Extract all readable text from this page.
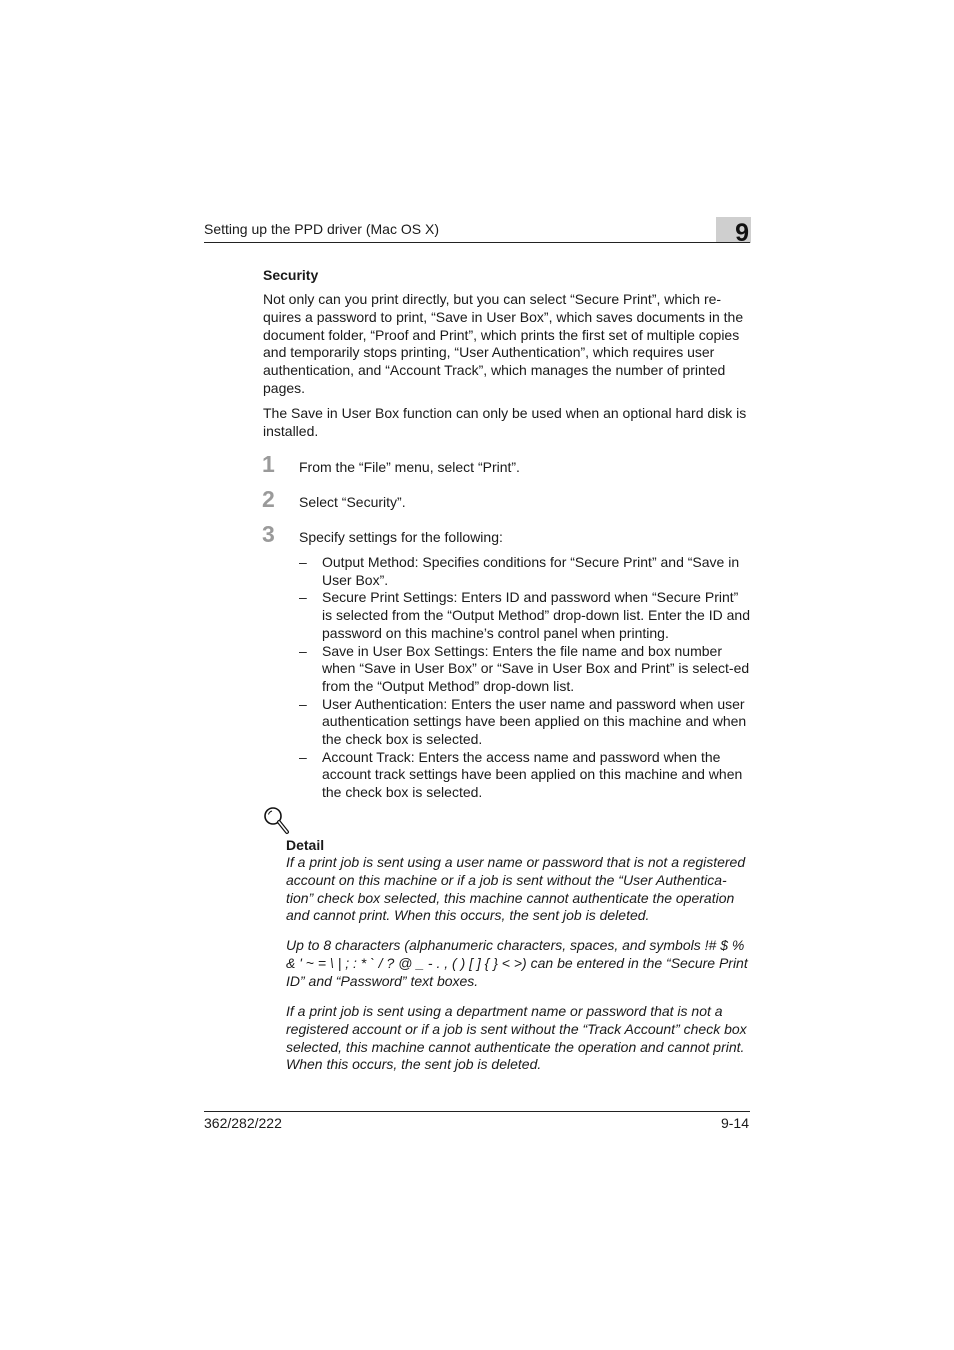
Setting up the PPD driver (Mac OS X)	9
Security
Not only can you print directly, but you can select “Secure Print”, which re-quires a password to print, “Save in User Box”, which saves documents in the document folder, “Proof and Print”, which prints the first set of multiple copies and temporarily stops printing, “User Authentication”, which requires user authentication, and “Account Track”, which manages the number of printed pages.
The Save in User Box function can only be used when an optional hard disk is installed.
1 From the “File” menu, select “Print”.
2 Select “Security”.
3 Specify settings for the following:
– Output Method: Specifies conditions for “Secure Print” and “Save in User Box”.
– Secure Print Settings: Enters ID and password when “Secure Print” is selected from the “Output Method” drop-down list. Enter the ID and password on this machine’s control panel when printing.
– Save in User Box Settings: Enters the file name and box number when “Save in User Box” or “Save in User Box and Print” is select-ed from the “Output Method” drop-down list.
– User Authentication: Enters the user name and password when user authentication settings have been applied on this machine and when the check box is selected.
– Account Track: Enters the access name and password when the account track settings have been applied on this machine and when the check box is selected.
Detail
If a print job is sent using a user name or password that is not a registered account on this machine or if a job is sent without the “User Authentica-tion” check box selected, this machine cannot authenticate the operation and cannot print. When this occurs, the sent job is deleted.
Up to 8 characters (alphanumeric characters, spaces, and symbols !# $ % & ' ~ = \ | ; : * ` / ? @ _ - . , ( ) [ ] { } < >) can be entered in the “Secure Print ID” and “Password” text boxes.
If a print job is sent using a department name or password that is not a registered account or if a job is sent without the “Track Account” check box selected, this machine cannot authenticate the operation and cannot print. When this occurs, the sent job is deleted.
362/282/222	9-14
